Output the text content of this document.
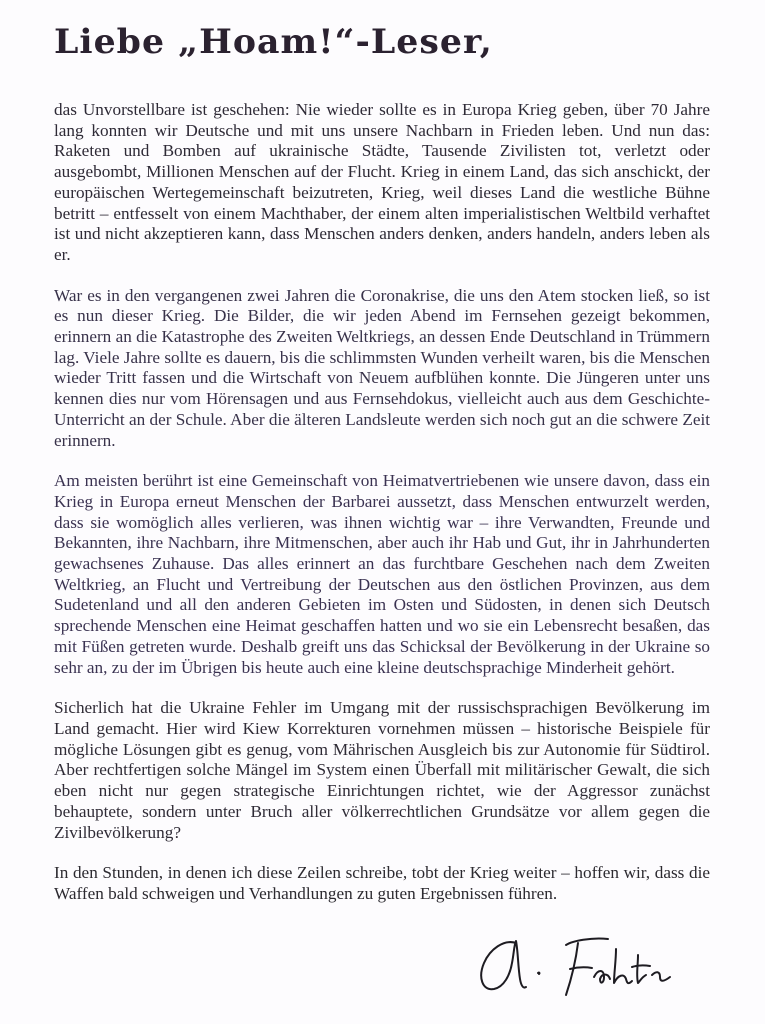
Liebe „Hoam!“-Leser,

das Unvorstellbare ist geschehen: Nie wieder sollte es in Europa Krieg geben, über 70 Jahre lang konnten wir Deutsche und mit uns unsere Nachbarn in Frieden leben. Und nun das: Raketen und Bomben auf ukrainische Städte, Tausende Zivilisten tot, verletzt oder ausgebombt, Millionen Menschen auf der Flucht. Krieg in einem Land, das sich anschickt, der europäischen Wertegemeinschaft beizutreten, Krieg, weil dieses Land die westliche Bühne betritt – entfesselt von einem Machthaber, der einem alten imperialistischen Weltbild verhaftet ist und nicht akzeptieren kann, dass Menschen anders denken, anders handeln, anders leben als er.

War es in den vergangenen zwei Jahren die Coronakrise, die uns den Atem stocken ließ, so ist es nun dieser Krieg. Die Bilder, die wir jeden Abend im Fernsehen gezeigt bekommen, erinnern an die Katastrophe des Zweiten Weltkriegs, an dessen Ende Deutschland in Trümmern lag. Viele Jahre sollte es dauern, bis die schlimmsten Wunden verheilt waren, bis die Menschen wieder Tritt fassen und die Wirtschaft von Neuem aufblühen konnte. Die Jüngeren unter uns kennen dies nur vom Hörensagen und aus Fernsehdokus, vielleicht auch aus dem Geschichte-Unterricht an der Schule. Aber die älteren Landsleute werden sich noch gut an die schwere Zeit erinnern.

Am meisten berührt ist eine Gemeinschaft von Heimatvertriebenen wie unsere davon, dass ein Krieg in Europa erneut Menschen der Barbarei aussetzt, dass Menschen entwurzelt werden, dass sie womöglich alles verlieren, was ihnen wichtig war – ihre Verwandten, Freunde und Bekannten, ihre Nachbarn, ihre Mitmenschen, aber auch ihr Hab und Gut, ihr in Jahrhunderten gewachsenes Zuhause. Das alles erinnert an das furchtbare Geschehen nach dem Zweiten Weltkrieg, an Flucht und Vertreibung der Deutschen aus den östlichen Provinzen, aus dem Sudetenland und all den anderen Gebieten im Osten und Südosten, in denen sich Deutsch sprechende Menschen eine Heimat geschaffen hatten und wo sie ein Lebensrecht besaßen, das mit Füßen getreten wurde. Deshalb greift uns das Schicksal der Bevölkerung in der Ukraine so sehr an, zu der im Übrigen bis heute auch eine kleine deutschsprachige Minderheit gehört.

Sicherlich hat die Ukraine Fehler im Umgang mit der russischsprachigen Bevölkerung im Land gemacht. Hier wird Kiew Korrekturen vornehmen müssen – historische Beispiele für mögliche Lösungen gibt es genug, vom Mährischen Ausgleich bis zur Autonomie für Südtirol. Aber rechtfertigen solche Mängel im System einen Überfall mit militärischer Gewalt, die sich eben nicht nur gegen strategische Einrichtungen richtet, wie der Aggressor zunächst behauptete, sondern unter Bruch aller völkerrechtlichen Grundsätze vor allem gegen die Zivilbevölkerung?

In den Stunden, in denen ich diese Zeilen schreibe, tobt der Krieg weiter – hoffen wir, dass die Waffen bald schweigen und Verhandlungen zu guten Ergebnissen führen.
